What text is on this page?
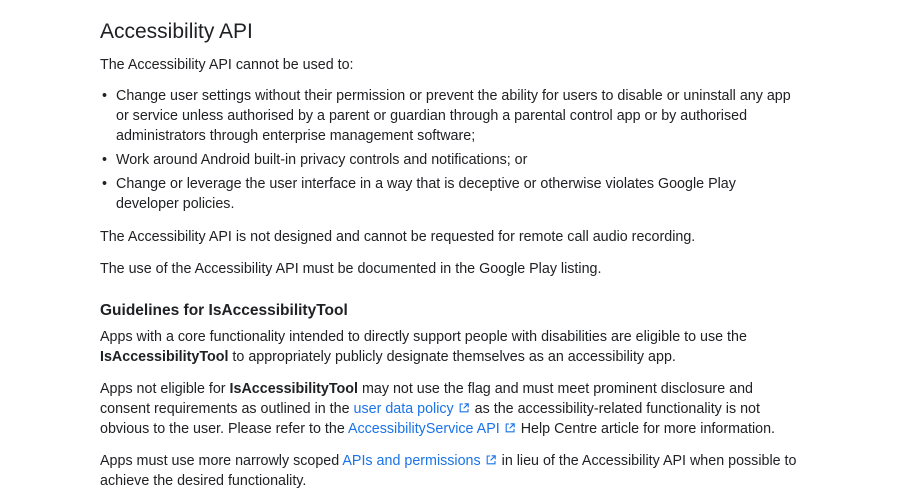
Accessibility API

The Accessibility API cannot be used to:

• Change user settings without their permission or prevent the ability for users to disable or uninstall any app
or service unless authorised by a parent or guardian through a parental control app or by authorised
administrators through enterprise management software;
• Work around Android built-in privacy controls and notifications; or
• Change or leverage the user interface in a way that is deceptive or otherwise violates Google Play
developer policies.

The Accessibility API is not designed and cannot be requested for remote call audio recording.

The use of the Accessibility API must be documented in the Google Play listing.

Guidelines for IsAccessibilityTool

Apps with a core functionality intended to directly support people with disabilities are eligible to use the
IsAccessibilityTool to appropriately publicly designate themselves as an accessibility app.

Apps not eligible for IsAccessibilityTool may not use the flag and must meet prominent disclosure and
consent requirements as outlined in the user data policy as the accessibility-related functionality is not
obvious to the user. Please refer to the AccessibilityService API Help Centre article for more information.

Apps must use more narrowly scoped APIs and permissions in lieu of the Accessibility API when possible to
achieve the desired functionality.
